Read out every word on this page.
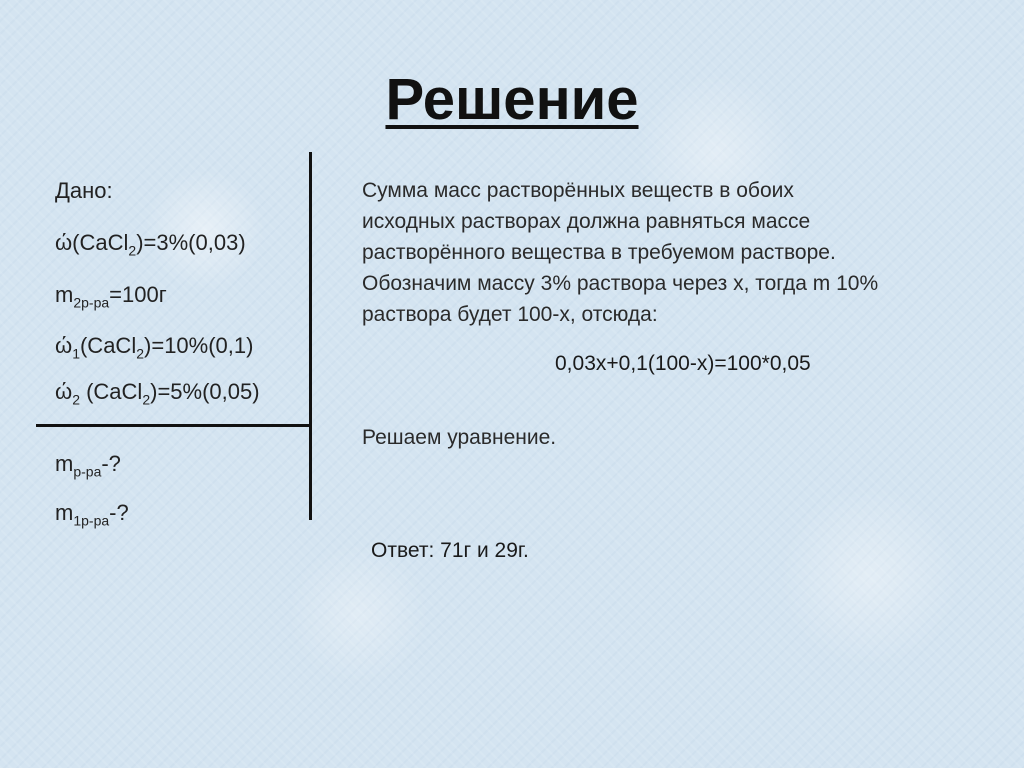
Решение
Дано:
ώ(CaCl$_2$)=3%(0,03)
$m_{2р-ра}=100г$
$ώ_1(CaCl_2)=10\%(0,1)$
$ώ_2$ (CaCl$_2$)=5%(0,05)
$m_{р-ра}-$?
$m_{1р-ра}-$?
Сумма масс растворённых веществ в обоих
исходных растворах должна равняться массе
растворённого вещества в требуемом растворе.
Обозначим массу 3% раствора через х, тогда m 10%
раствора будет 100-х, отсюда:
0,03х+0,1(100-х)=100*0,05
Решаем уравнение.
Ответ: 71г и 29г.
